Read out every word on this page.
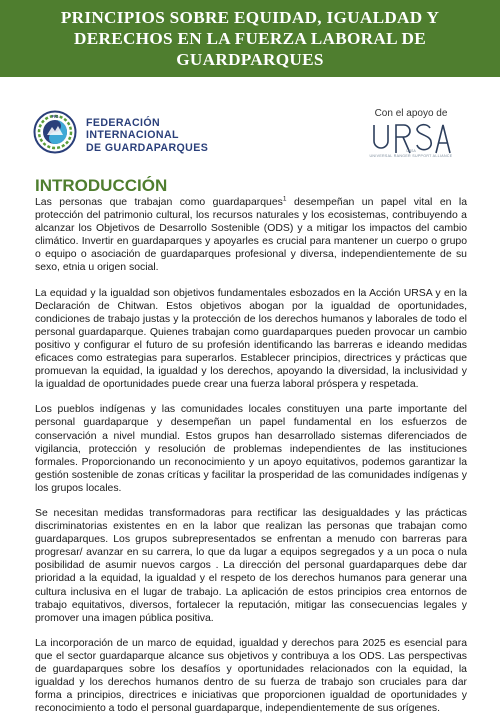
PRINCIPIOS SOBRE EQUIDAD, IGUALDAD Y DERECHOS EN LA FUERZA LABORAL DE GUARDPARQUES
FIG
FEDERACIÓN
INTERNACIONAL
DE GUARDAPARQUES
Con el apoyo de
URSA
UNIVERSAL RANGER SUPPORT ALLIANCE
INTRODUCCIÓN

Las personas que trabajan como guardaparques$^1$ desempeñan un papel vital en la protección del patrimonio cultural, los recursos naturales y los ecosistemas, contribuyendo a alcanzar los Objetivos de Desarrollo Sostenible (ODS) y a mitigar los impactos del cambio climático. Invertir en guardaparques y apoyarles es crucial para mantener un cuerpo o grupo o equipo o asociación de guardaparques profesional y diversa, independientemente de su sexo, etnia u origen social.

La equidad y la igualdad son objetivos fundamentales esbozados en la Acción URSA y en la Declaración de Chitwan. Estos objetivos abogan por la igualdad de oportunidades, condiciones de trabajo justas y la protección de los derechos humanos y laborales de todo el personal guardaparque. Quienes trabajan como guardaparques pueden provocar un cambio positivo y configurar el futuro de su profesión identificando las barreras e ideando medidas eficaces como estrategias para superarlos. Establecer principios, directrices y prácticas que promuevan la equidad, la igualdad y los derechos, apoyando la diversidad, la inclusividad y la igualdad de oportunidades puede crear una fuerza laboral próspera y respetada.

Los pueblos indígenas y las comunidades locales constituyen una parte importante del personal guardaparque y desempeñan un papel fundamental en los esfuerzos de conservación a nivel mundial. Estos grupos han desarrollado sistemas diferenciados de vigilancia, protección y resolución de problemas independientes de las instituciones formales. Proporcionando un reconocimiento y un apoyo equitativos, podemos garantizar la gestión sostenible de zonas críticas y facilitar la prosperidad de las comunidades indígenas y los grupos locales.

Se necesitan medidas transformadoras para rectificar las desigualdades y las prácticas discriminatorias existentes en en la labor que realizan las personas que trabajan como guardaparques. Los grupos subrepresentados se enfrentan a menudo con barreras para progresar/ avanzar en su carrera, lo que da lugar a equipos segregados y a un poca o nula posibilidad de asumir nuevos cargos . La dirección del personal guardaparques debe dar prioridad a la equidad, la igualdad y el respeto de los derechos humanos para generar una cultura inclusiva en el lugar de trabajo. La aplicación de estos principios crea entornos de trabajo equitativos, diversos, fortalecer la reputación, mitigar las consecuencias legales y promover una imagen pública positiva.

La incorporación de un marco de equidad, igualdad y derechos para 2025 es esencial para que el sector guardaparque alcance sus objetivos y contribuya a los ODS. Las perspectivas de guardaparques sobre los desafíos y oportunidades relacionados con la equidad, la igualdad y los derechos humanos dentro de su fuerza de trabajo son cruciales para dar forma a principios, directrices e iniciativas que proporcionen igualdad de oportunidades y reconocimiento a todo el personal guardaparque, independientemente de sus orígenes.
